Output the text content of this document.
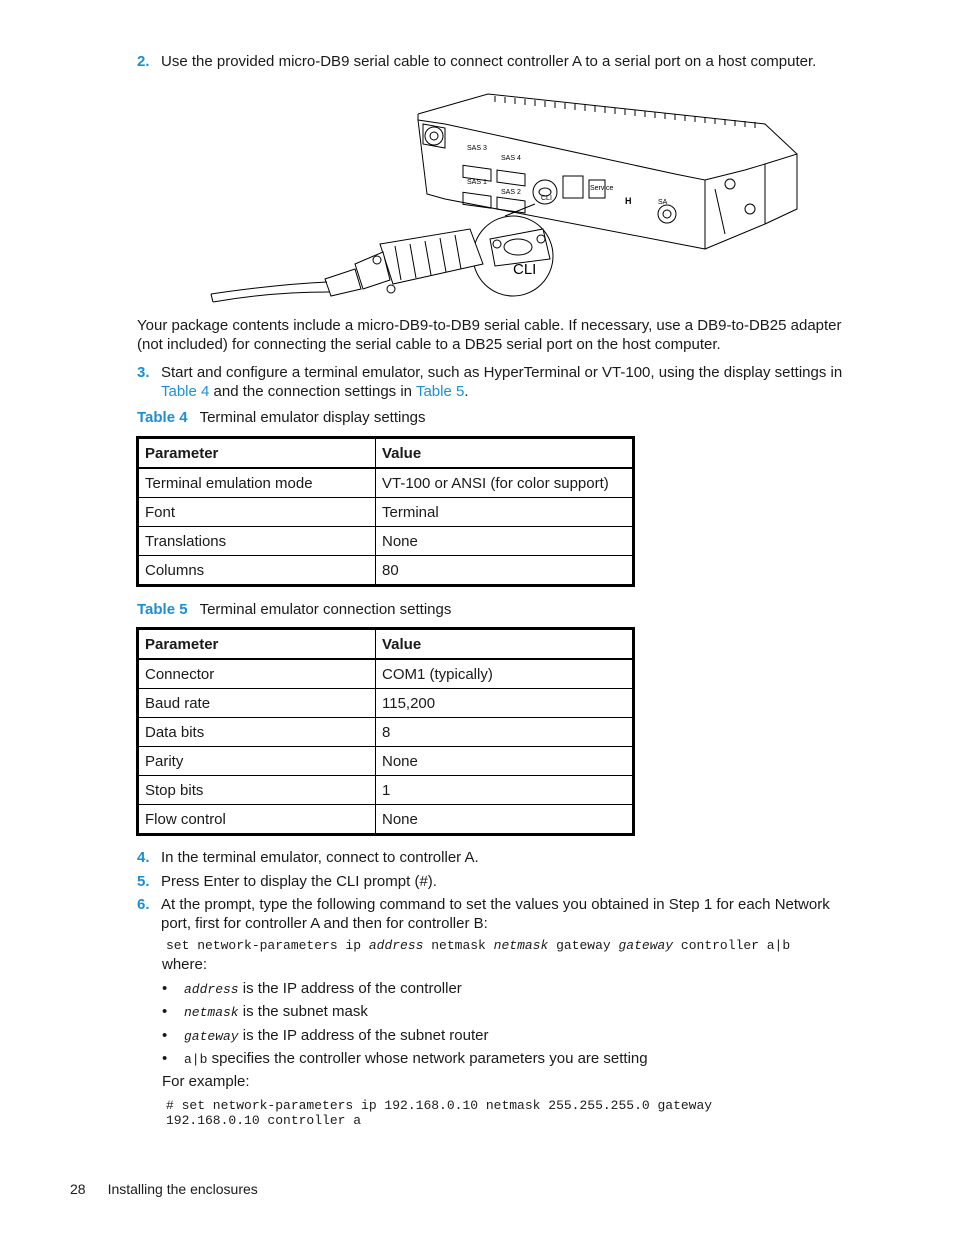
2. Use the provided micro-DB9 serial cable to connect controller A to a serial port on a host computer.
SAS 3
SAS 4
SAS 1
SAS 2
CLI
Service
H	SA
CLI
Your package contents include a micro-DB9-to-DB9 serial cable. If necessary, use a DB9-to-DB25 adapter (not included) for connecting the serial cable to a DB25 serial port on the host computer.
3. Start and configure a terminal emulator, such as HyperTerminal or VT-100, using the display settings in Table 4 and the connection settings in Table 5.
Table 4 Terminal emulator display settings
Parameter	Value
Terminal emulation mode	VT-100 or ANSI (for color support)
Font	Terminal
Translations	None
Columns	80
Table 5 Terminal emulator connection settings
Parameter	Value
Connector	COM1 (typically)
Baud rate	115,200
Data bits	8
Parity	None
Stop bits	1
Flow control	None
4. In the terminal emulator, connect to controller A.
5. Press Enter to display the CLI prompt (#).
6. At the prompt, type the following command to set the values you obtained in Step 1 for each Network port, first for controller A and then for controller B:
set network-parameters ip address netmask netmask gateway gateway controller a|b
where:
• address is the IP address of the controller
• netmask is the subnet mask
• gateway is the IP address of the subnet router
• a|b specifies the controller whose network parameters you are setting
For example:
# set network-parameters ip 192.168.0.10 netmask 255.255.255.0 gateway
192.168.0.10 controller a
28 Installing the enclosures
